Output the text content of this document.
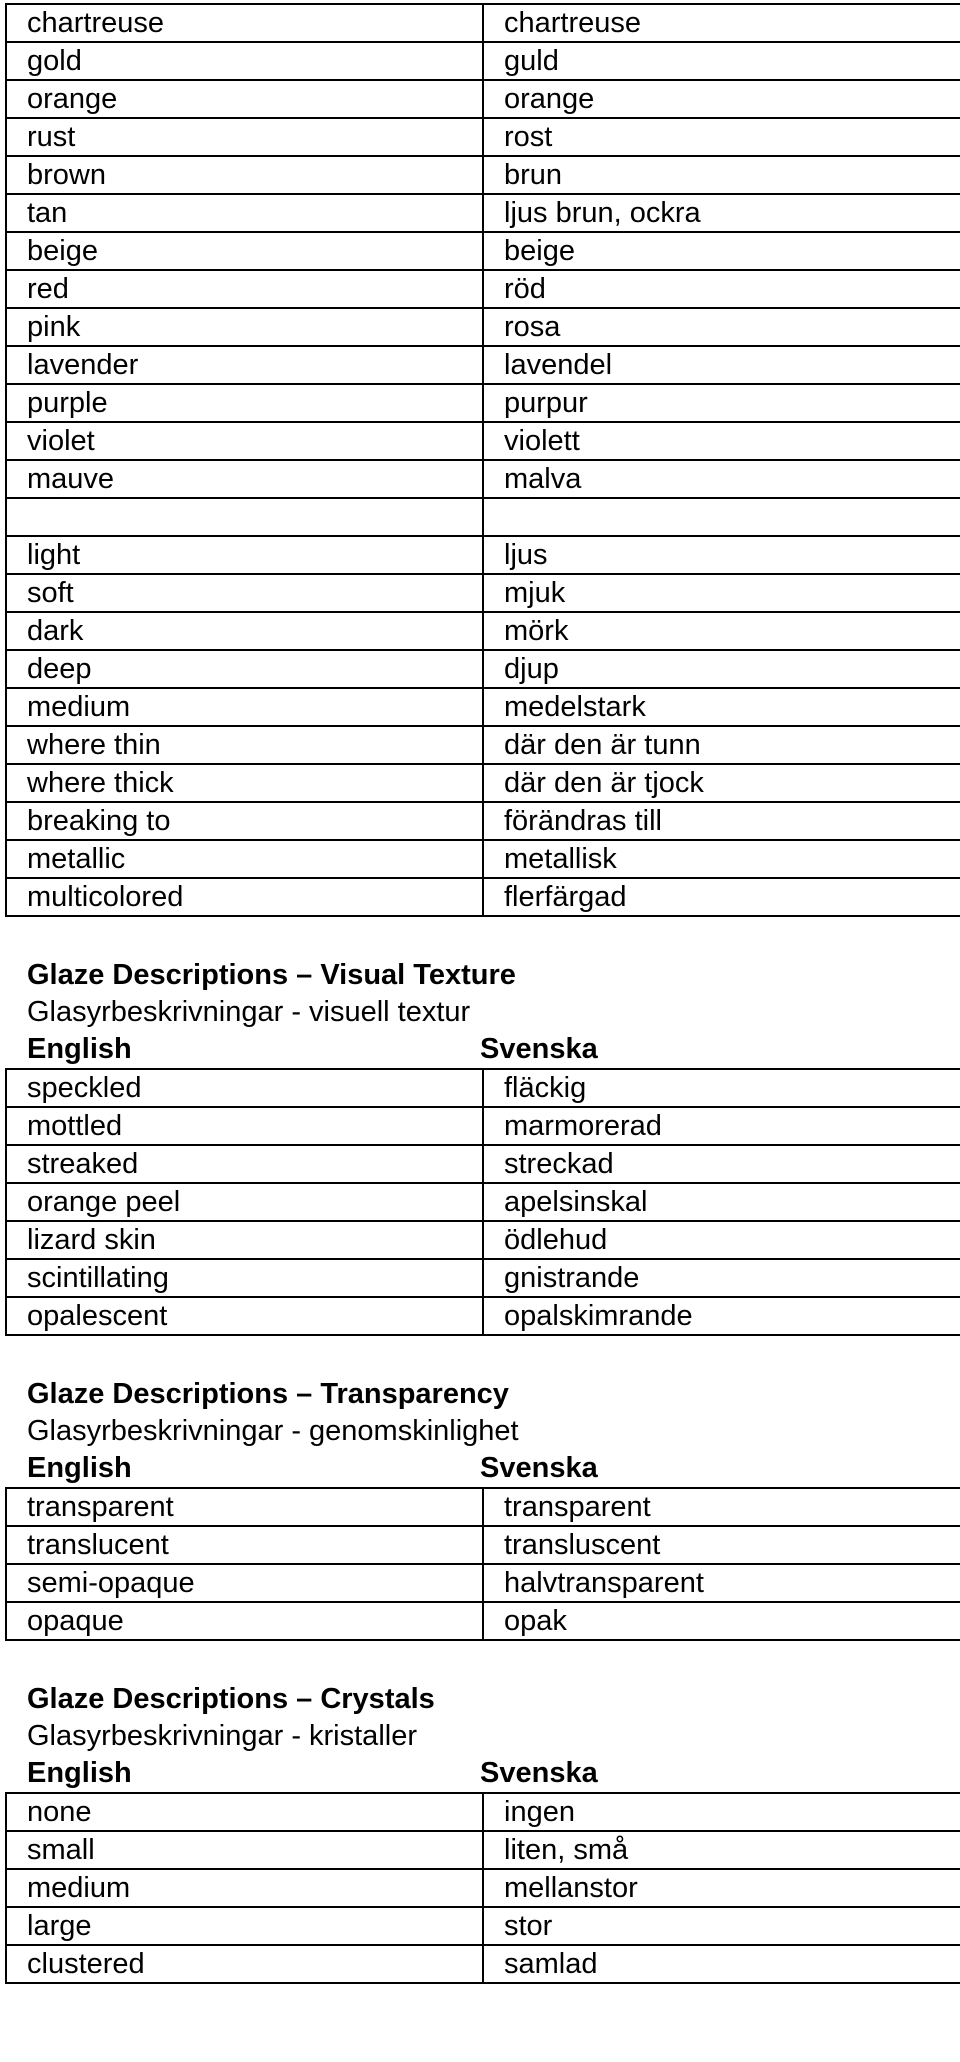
chartreuse	chartreuse
gold	guld
orange	orange
rust	rost
brown	brun
tan	ljus brun, ockra
beige	beige
red	röd
pink	rosa
lavender	lavendel
purple	purpur
violet	violett
mauve	malva

light	ljus
soft	mjuk
dark	mörk
deep	djup
medium	medelstark
where thin	där den är tunn
where thick	där den är tjock
breaking to	förändras till
metallic	metallisk
multicolored	flerfärgad
Glaze Descriptions – Visual Texture
Glasyrbeskrivningar - visuell textur
English	Svenska
speckled	fläckig
mottled	marmorerad
streaked	streckad
orange peel	apelsinskal
lizard skin	ödlehud
scintillating	gnistrande
opalescent	opalskimrande
Glaze Descriptions – Transparency
Glasyrbeskrivningar - genomskinlighet
English	Svenska
transparent	transparent
translucent	transluscent
semi-opaque	halvtransparent
opaque	opak
Glaze Descriptions – Crystals
Glasyrbeskrivningar - kristaller
English	Svenska
none	ingen
small	liten, små
medium	mellanstor
large	stor
clustered	samlad
